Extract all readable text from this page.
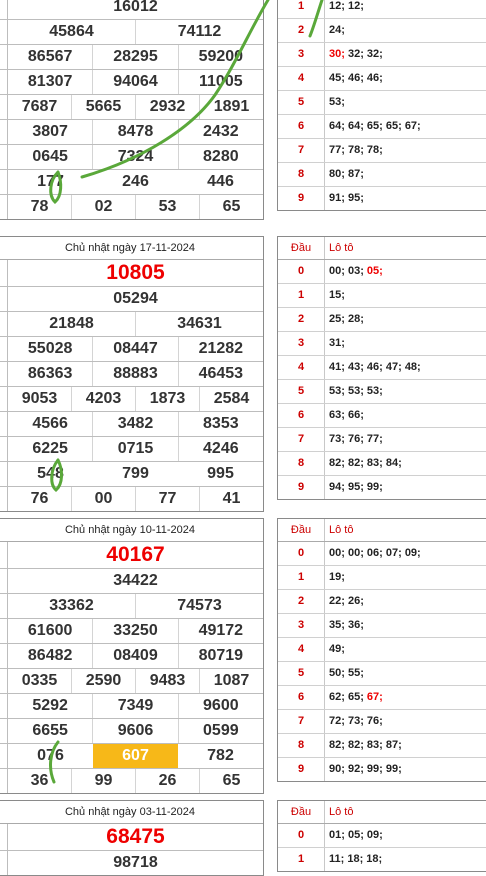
16012
45864	74112
86567	28295	59200
81307	94064	11005
7687	5665	2932	1891
3807	8478	2432
0645	7324	8280
177	246	446
78	02	53	65
1	12; 12;
2	24;
3	30; 32; 32;
4	45; 46; 46;
5	53;
6	64; 64; 65; 65; 67;
7	77; 78; 78;
8	80; 87;
9	91; 95;
Chủ nhật ngày 17-11-2024
10805
05294
21848	34631
55028	08447	21282
86363	88883	46453
9053	4203	1873	2584
4566	3482	8353
6225	0715	4246
548	799	995
76	00	77	41
Đầu	Lô tô
0	00; 03; 05;
1	15;
2	25; 28;
3	31;
4	41; 43; 46; 47; 48;
5	53; 53; 53;
6	63; 66;
7	73; 76; 77;
8	82; 82; 83; 84;
9	94; 95; 99;
Chủ nhật ngày 10-11-2024
40167
34422
33362	74573
61600	33250	49172
86482	08409	80719
0335	2590	9483	1087
5292	7349	9600
6655	9606	0599
076	607	782
36	99	26	65
Đầu	Lô tô
0	00; 00; 06; 07; 09;
1	19;
2	22; 26;
3	35; 36;
4	49;
5	50; 55;
6	62; 65; 67;
7	72; 73; 76;
8	82; 82; 83; 87;
9	90; 92; 99; 99;
Chủ nhật ngày 03-11-2024
68475
98718
Đầu	Lô tô
0	01; 05; 09;
1	11; 18; 18;
